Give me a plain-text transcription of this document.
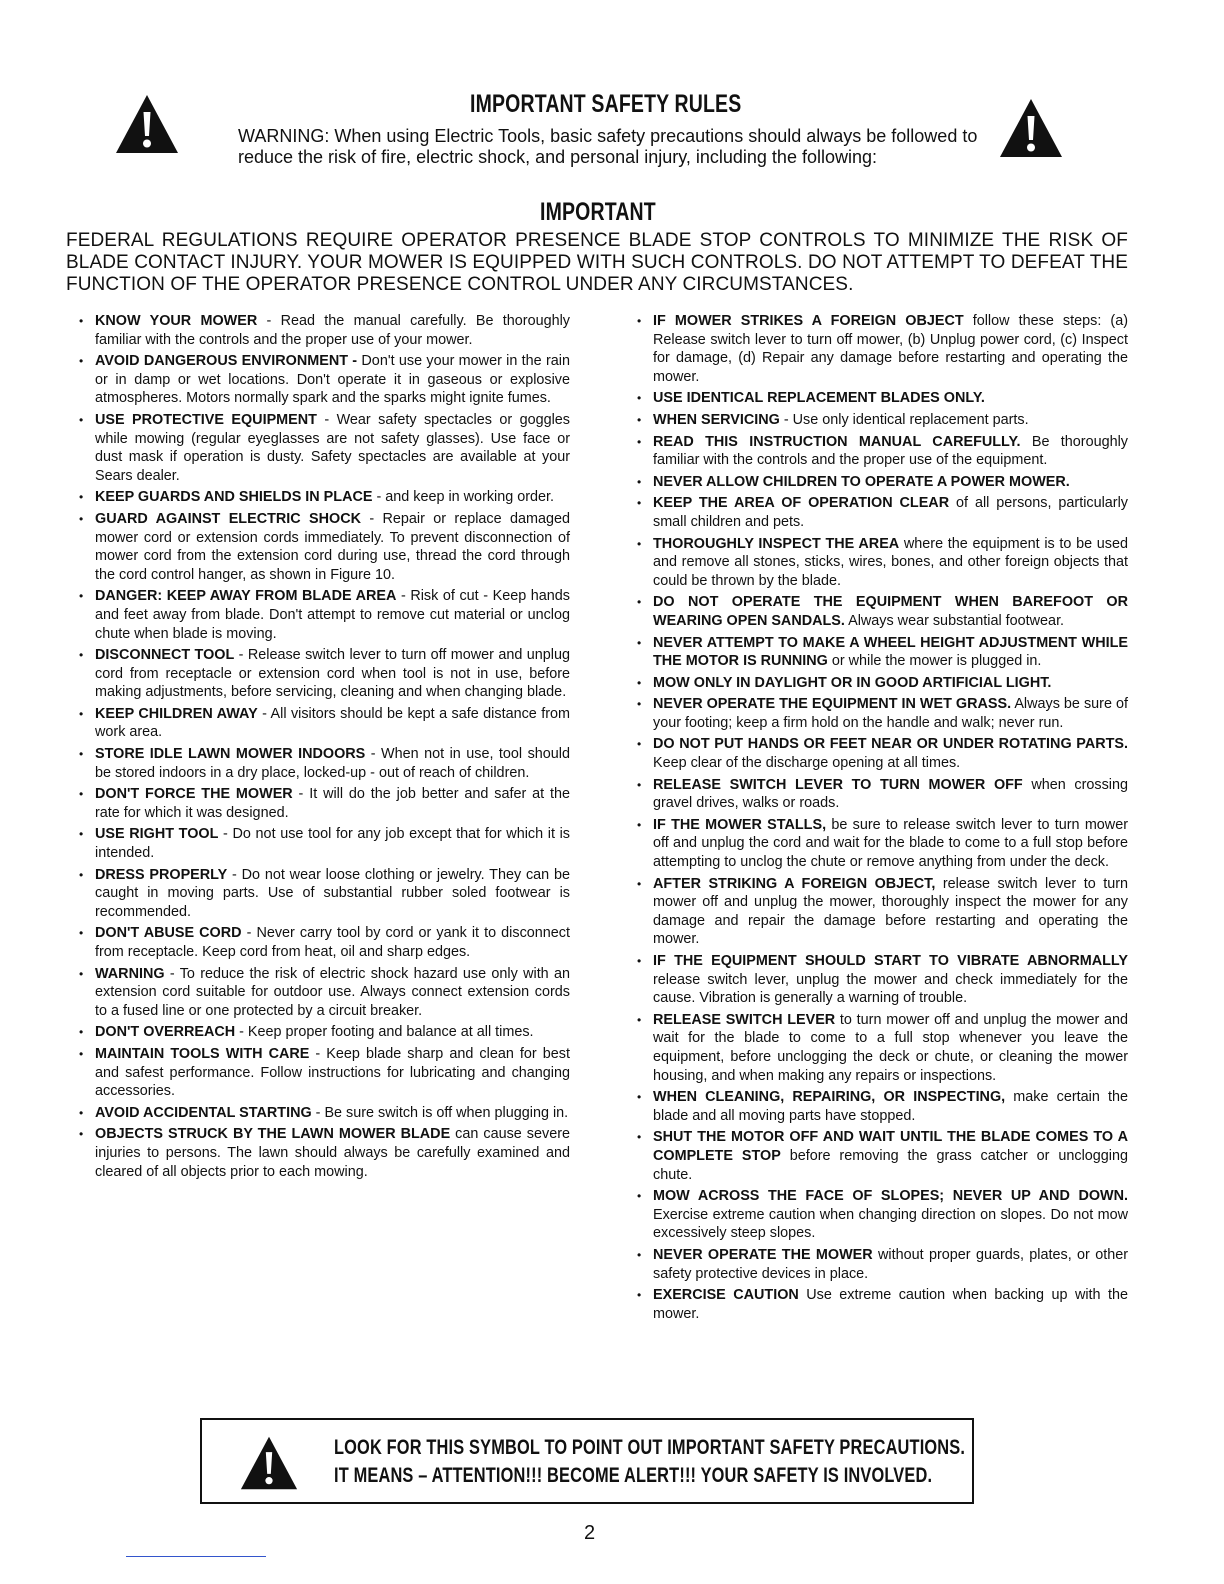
IMPORTANT SAFETY RULES

WARNING: When using Electric Tools, basic safety precautions should always be followed to reduce the risk of fire, electric shock, and personal injury, including the following:

IMPORTANT

FEDERAL REGULATIONS REQUIRE OPERATOR PRESENCE BLADE STOP CONTROLS TO MINIMIZE THE RISK OF BLADE CONTACT INJURY. YOUR MOWER IS EQUIPPED WITH SUCH CONTROLS. DO NOT ATTEMPT TO DEFEAT THE FUNCTION OF THE OPERATOR PRESENCE CONTROL UNDER ANY CIRCUMSTANCES.

• KNOW YOUR MOWER - Read the manual carefully. Be thoroughly familiar with the controls and the proper use of your mower.
• AVOID DANGEROUS ENVIRONMENT - Don't use your mower in the rain or in damp or wet locations. Don't operate it in gaseous or explosive atmospheres. Motors normally spark and the sparks might ignite fumes.
• USE PROTECTIVE EQUIPMENT - Wear safety spectacles or goggles while mowing (regular eyeglasses are not safety glasses). Use face or dust mask if operation is dusty. Safety spectacles are available at your Sears dealer.
• KEEP GUARDS AND SHIELDS IN PLACE - and keep in working order.
• GUARD AGAINST ELECTRIC SHOCK - Repair or replace damaged mower cord or extension cords immediately. To prevent disconnection of mower cord from the extension cord during use, thread the cord through the cord control hanger, as shown in Figure 10.
• DANGER: KEEP AWAY FROM BLADE AREA - Risk of cut - Keep hands and feet away from blade. Don't attempt to remove cut material or unclog chute when blade is moving.
• DISCONNECT TOOL - Release switch lever to turn off mower and unplug cord from receptacle or extension cord when tool is not in use, before making adjustments, before servicing, cleaning and when changing blade.
• KEEP CHILDREN AWAY - All visitors should be kept a safe distance from work area.
• STORE IDLE LAWN MOWER INDOORS - When not in use, tool should be stored indoors in a dry place, locked-up - out of reach of children.
• DON'T FORCE THE MOWER - It will do the job better and safer at the rate for which it was designed.
• USE RIGHT TOOL - Do not use tool for any job except that for which it is intended.
• DRESS PROPERLY - Do not wear loose clothing or jewelry. They can be caught in moving parts. Use of substantial rubber soled footwear is recommended.
• DON'T ABUSE CORD - Never carry tool by cord or yank it to disconnect from receptacle. Keep cord from heat, oil and sharp edges.
• WARNING - To reduce the risk of electric shock hazard use only with an extension cord suitable for outdoor use. Always connect extension cords to a fused line or one protected by a circuit breaker.
• DON'T OVERREACH - Keep proper footing and balance at all times.
• MAINTAIN TOOLS WITH CARE - Keep blade sharp and clean for best and safest performance. Follow instructions for lubricating and changing accessories.
• AVOID ACCIDENTAL STARTING - Be sure switch is off when plugging in.
• OBJECTS STRUCK BY THE LAWN MOWER BLADE can cause severe injuries to persons. The lawn should always be carefully examined and cleared of all objects prior to each mowing.
• IF MOWER STRIKES A FOREIGN OBJECT follow these steps: (a) Release switch lever to turn off mower, (b) Unplug power cord, (c) Inspect for damage, (d) Repair any damage before restarting and operating the mower.
• USE IDENTICAL REPLACEMENT BLADES ONLY.
• WHEN SERVICING - Use only identical replacement parts.
• READ THIS INSTRUCTION MANUAL CAREFULLY. Be thoroughly familiar with the controls and the proper use of the equipment.
• NEVER ALLOW CHILDREN TO OPERATE A POWER MOWER.
• KEEP THE AREA OF OPERATION CLEAR of all persons, particularly small children and pets.
• THOROUGHLY INSPECT THE AREA where the equipment is to be used and remove all stones, sticks, wires, bones, and other foreign objects that could be thrown by the blade.
• DO NOT OPERATE THE EQUIPMENT WHEN BAREFOOT OR WEARING OPEN SANDALS. Always wear substantial footwear.
• NEVER ATTEMPT TO MAKE A WHEEL HEIGHT ADJUSTMENT WHILE THE MOTOR IS RUNNING or while the mower is plugged in.
• MOW ONLY IN DAYLIGHT OR IN GOOD ARTIFICIAL LIGHT.
• NEVER OPERATE THE EQUIPMENT IN WET GRASS. Always be sure of your footing; keep a firm hold on the handle and walk; never run.
• DO NOT PUT HANDS OR FEET NEAR OR UNDER ROTATING PARTS. Keep clear of the discharge opening at all times.
• RELEASE SWITCH LEVER TO TURN MOWER OFF when crossing gravel drives, walks or roads.
• IF THE MOWER STALLS, be sure to release switch lever to turn mower off and unplug the cord and wait for the blade to come to a full stop before attempting to unclog the chute or remove anything from under the deck.
• AFTER STRIKING A FOREIGN OBJECT, release switch lever to turn mower off and unplug the mower, thoroughly inspect the mower for any damage and repair the damage before restarting and operating the mower.
• IF THE EQUIPMENT SHOULD START TO VIBRATE ABNORMALLY release switch lever, unplug the mower and check immediately for the cause. Vibration is generally a warning of trouble.
• RELEASE SWITCH LEVER to turn mower off and unplug the mower and wait for the blade to come to a full stop whenever you leave the equipment, before unclogging the deck or chute, or cleaning the mower housing, and when making any repairs or inspections.
• WHEN CLEANING, REPAIRING, OR INSPECTING, make certain the blade and all moving parts have stopped.
• SHUT THE MOTOR OFF AND WAIT UNTIL THE BLADE COMES TO A COMPLETE STOP before removing the grass catcher or unclogging chute.
• MOW ACROSS THE FACE OF SLOPES; NEVER UP AND DOWN. Exercise extreme caution when changing direction on slopes. Do not mow excessively steep slopes.
• NEVER OPERATE THE MOWER without proper guards, plates, or other safety protective devices in place.
• EXERCISE CAUTION Use extreme caution when backing up with the mower.
LOOK FOR THIS SYMBOL TO POINT OUT IMPORTANT SAFETY PRECAUTIONS.
IT MEANS – ATTENTION!!! BECOME ALERT!!! YOUR SAFETY IS INVOLVED.
2
